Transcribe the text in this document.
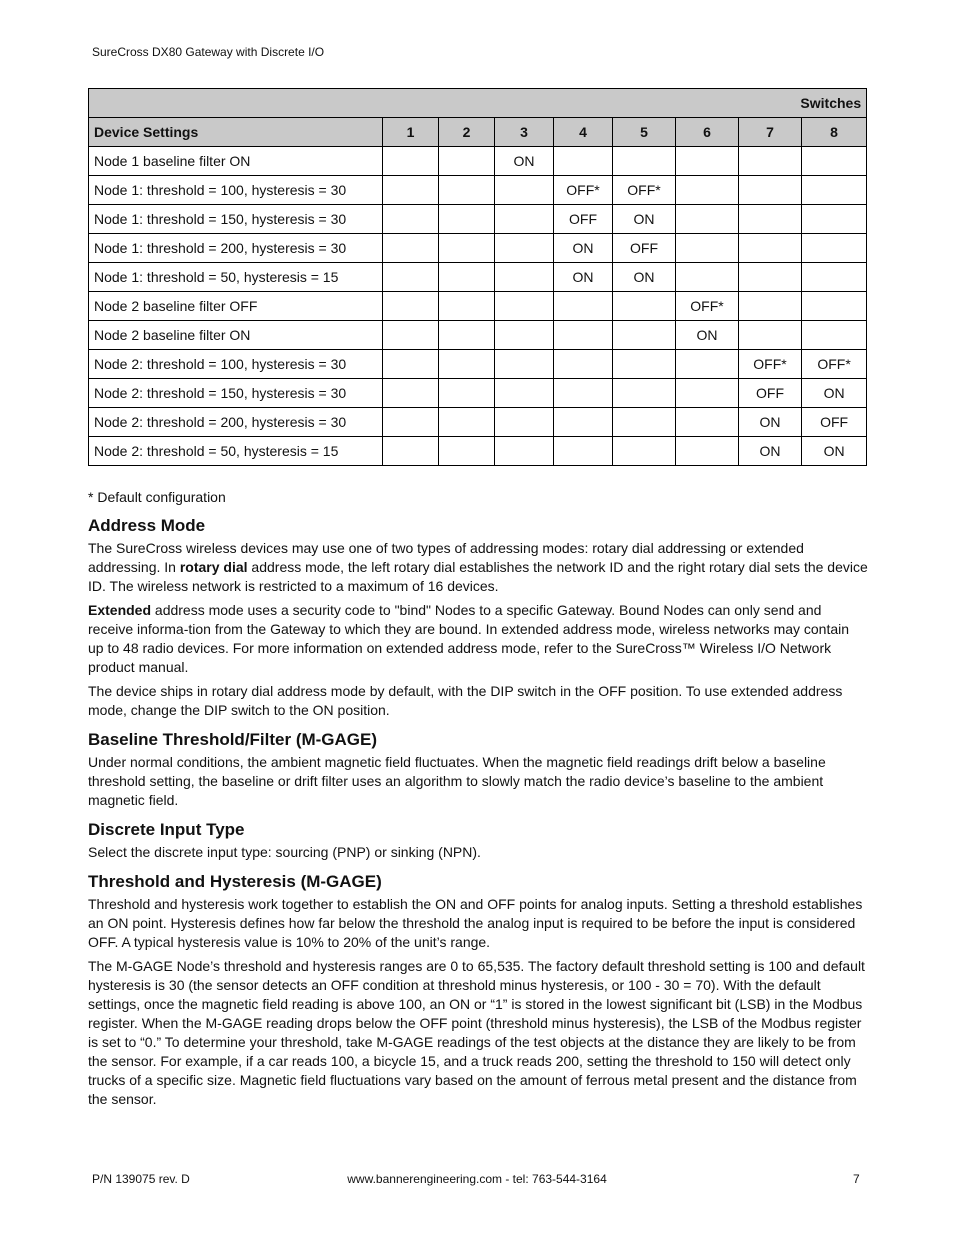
SureCross DX80 Gateway with Discrete I/O
Switches								
Device Settings	1	2	3	4	5	6	7	8
Node 1 baseline filter ON			ON					
Node 1: threshold = 100, hysteresis = 30				OFF*	OFF*			
Node 1: threshold = 150, hysteresis = 30				OFF	ON			
Node 1: threshold = 200, hysteresis = 30				ON	OFF			
Node 1: threshold = 50, hysteresis = 15				ON	ON			
Node 2 baseline filter OFF						OFF*		
Node 2 baseline filter ON						ON		
Node 2: threshold = 100, hysteresis = 30							OFF*	OFF*
Node 2: threshold = 150, hysteresis = 30							OFF	ON
Node 2: threshold = 200, hysteresis = 30							ON	OFF
Node 2: threshold = 50, hysteresis = 15							ON	ON

* Default configuration

Address Mode

The SureCross wireless devices may use one of two types of addressing modes: rotary dial addressing or extended addressing. In rotary dial address mode, the left rotary dial establishes the network ID and the right rotary dial sets the device ID. The wireless network is restricted to a maximum of 16 devices.

Extended address mode uses a security code to "bind" Nodes to a specific Gateway. Bound Nodes can only send and receive informa-tion from the Gateway to which they are bound. In extended address mode, wireless networks may contain up to 48 radio devices. For more information on extended address mode, refer to the SureCross™ Wireless I/O Network product manual.

The device ships in rotary dial address mode by default, with the DIP switch in the OFF position. To use extended address mode, change the DIP switch to the ON position.

Baseline Threshold/Filter (M-GAGE)

Under normal conditions, the ambient magnetic field fluctuates. When the magnetic field readings drift below a baseline threshold setting, the baseline or drift filter uses an algorithm to slowly match the radio device’s baseline to the ambient magnetic field.

Discrete Input Type

Select the discrete input type: sourcing (PNP) or sinking (NPN).

Threshold and Hysteresis (M-GAGE)

Threshold and hysteresis work together to establish the ON and OFF points for analog inputs. Setting a threshold establishes an ON point. Hysteresis defines how far below the threshold the analog input is required to be before the input is considered OFF. A typical hysteresis value is 10% to 20% of the unit’s range.

The M-GAGE Node’s threshold and hysteresis ranges are 0 to 65,535. The factory default threshold setting is 100 and default hysteresis is 30 (the sensor detects an OFF condition at threshold minus hysteresis, or 100 - 30 = 70). With the default settings, once the magnetic field reading is above 100, an ON or “1” is stored in the lowest significant bit (LSB) in the Modbus register. When the M-GAGE reading drops below the OFF point (threshold minus hysteresis), the LSB of the Modbus register is set to “0.” To determine your threshold, take M-GAGE readings of the test objects at the distance they are likely to be from the sensor. For example, if a car reads 100, a bicycle 15, and a truck reads 200, setting the threshold to 150 will detect only trucks of a specific size. Magnetic field fluctuations vary based on the amount of ferrous metal present and the distance from the sensor.

P/N 139075 rev. D	www.bannerengineering.com - tel: 763-544-3164	7
